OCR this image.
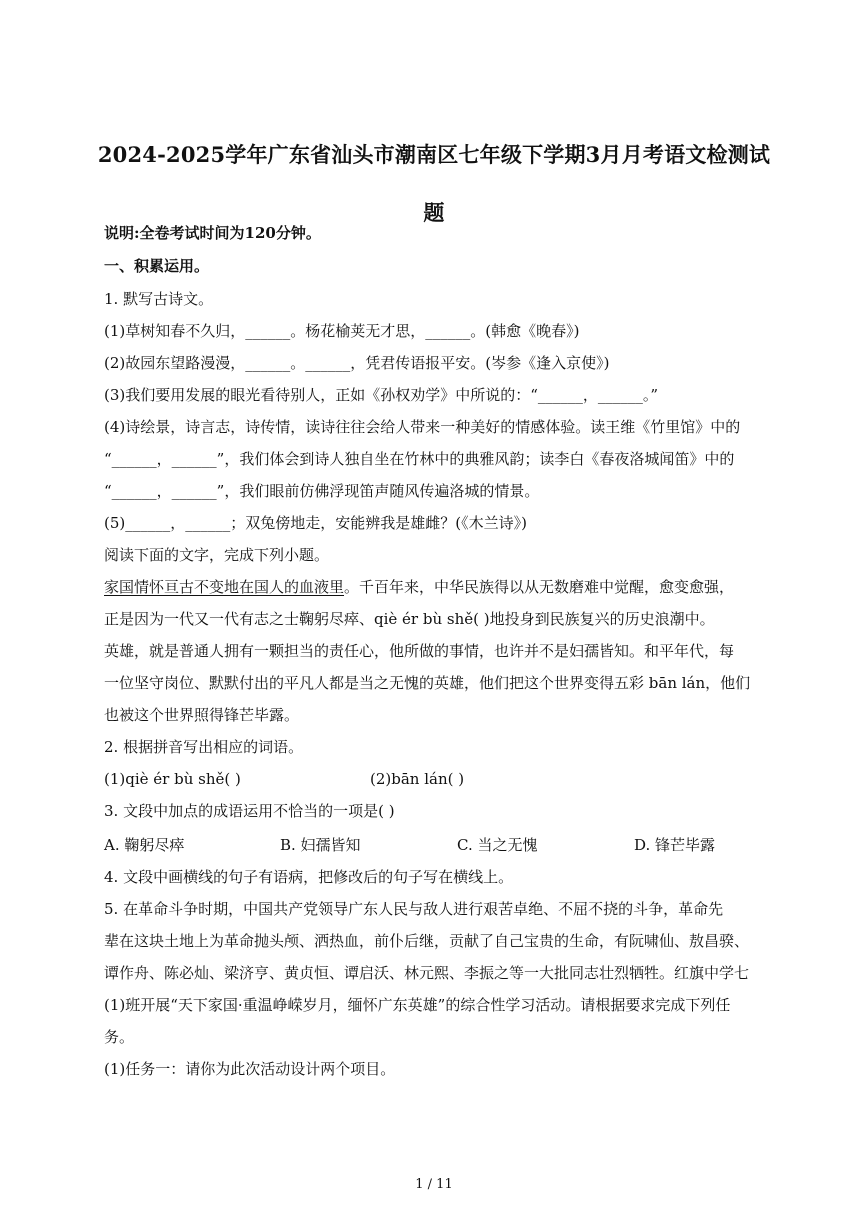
2024-2025学年广东省汕头市潮南区七年级下学期3月月考语文检测试
题
说明:全卷考试时间为120分钟。
一、积累运用。
1. 默写古诗文。
(1)草树知春不久归，______。杨花榆荚无才思，______。(韩愈《晚春》)
(2)故园东望路漫漫，______。______，凭君传语报平安。(岑参《逢入京使》)
(3)我们要用发展的眼光看待别人，正如《孙权劝学》中所说的：“______，______。”
(4)诗绘景，诗言志，诗传情，读诗往往会给人带来一种美好的情感体验。读王维《竹里馆》中的
“______，______”，我们体会到诗人独自坐在竹林中的典雅风韵；读李白《春夜洛城闻笛》中的
“______，______”，我们眼前仿佛浮现笛声随风传遍洛城的情景。
(5)______，______；双兔傍地走，安能辨我是雄雌？(《木兰诗》)
阅读下面的文字，完成下列小题。
家国情怀亘古不变地在国人的血液里。千百年来，中华民族得以从无数磨难中觉醒，愈变愈强，
正是因为一代又一代有志之士鞠躬尽瘁、qiè ér bù shě( )地投身到民族复兴的历史浪潮中。
英雄，就是普通人拥有一颗担当的责任心，他所做的事情，也许并不是妇孺皆知。和平年代，每
一位坚守岗位、默默付出的平凡人都是当之无愧的英雄，他们把这个世界变得五彩 bān lán，他们
也被这个世界照得锋芒毕露。
2. 根据拼音写出相应的词语。
(1)qiè ér bù shě( )	(2)bān lán( )
3. 文段中加点的成语运用不恰当的一项是( )
A. 鞠躬尽瘁	B. 妇孺皆知	C. 当之无愧	D. 锋芒毕露
4. 文段中画横线的句子有语病，把修改后的句子写在横线上。
5. 在革命斗争时期，中国共产党领导广东人民与敌人进行艰苦卓绝、不屈不挠的斗争，革命先
辈在这块土地上为革命抛头颅、洒热血，前仆后继，贡献了自己宝贵的生命，有阮啸仙、敖昌骙、
谭作舟、陈必灿、梁济亨、黄贞恒、谭启沃、林元熙、李振之等一大批同志壮烈牺牲。红旗中学七
(1)班开展“天下家国·重温峥嵘岁月，缅怀广东英雄”的综合性学习活动。请根据要求完成下列任
务。
(1)任务一：请你为此次活动设计两个项目。
1 / 11
